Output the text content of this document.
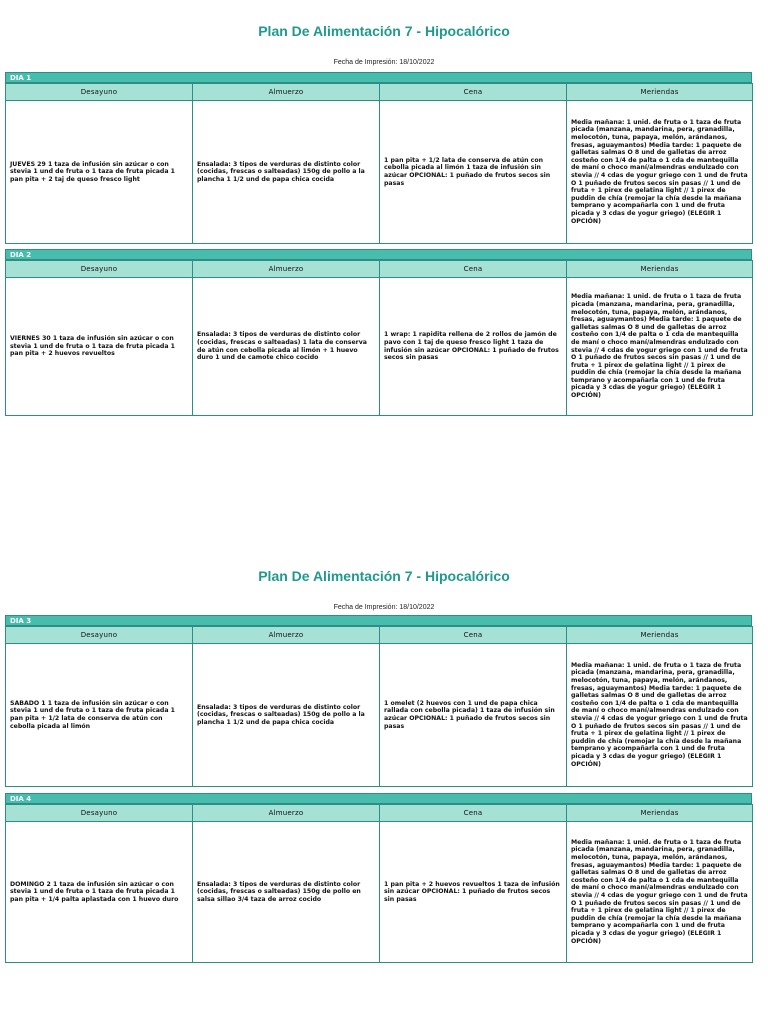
Plan De Alimentación 7 - Hipocalórico
Fecha de Impresión: 18/10/2022
DIA 1
Desayuno	Almuerzo	Cena	Meriendas
JUEVES 29 1 taza de infusión sin azúcar o con stevia 1 und de fruta o 1 taza de fruta picada 1 pan pita + 2 taj de queso fresco light	Ensalada: 3 tipos de verduras de distinto color (cocidas, frescas o salteadas) 150g de pollo a la plancha 1 1/2 und de papa chica cocida	1 pan pita + 1/2 lata de conserva de atún con cebolla picada al limón 1 taza de infusión sin azúcar OPCIONAL: 1 puñado de frutos secos sin pasas	Media mañana: 1 unid. de fruta o 1 taza de fruta picada (manzana, mandarina, pera, granadilla, melocotón, tuna, papaya, melón, arándanos, fresas, aguaymantos) Media tarde: 1 paquete de galletas salmas O 8 und de galletas de arroz costeño con 1/4 de palta o 1 cda de mantequilla de maní o choco maní/almendras endulzado con stevia // 4 cdas de yogur griego con 1 und de fruta O 1 puñado de frutos secos sin pasas // 1 und de fruta + 1 pirex de gelatina light // 1 pirex de puddin de chía (remojar la chía desde la mañana temprano y acompañarla con 1 und de fruta picada y 3 cdas de yogur griego) (ELEGIR 1 OPCIÓN)
DIA 2
Desayuno	Almuerzo	Cena	Meriendas
VIERNES 30 1 taza de infusión sin azúcar o con stevia 1 und de fruta o 1 taza de fruta picada 1 pan pita + 2 huevos revueltos	Ensalada: 3 tipos de verduras de distinto color (cocidas, frescas o salteadas) 1 lata de conserva de atún con cebolla picada al limón + 1 huevo duro 1 und de camote chico cocido	1 wrap: 1 rapidita rellena de 2 rollos de jamón de pavo con 1 taj de queso fresco light 1 taza de infusión sin azúcar OPCIONAL: 1 puñado de frutos secos sin pasas	Media mañana: 1 unid. de fruta o 1 taza de fruta picada (manzana, mandarina, pera, granadilla, melocotón, tuna, papaya, melón, arándanos, fresas, aguaymantos) Media tarde: 1 paquete de galletas salmas O 8 und de galletas de arroz costeño con 1/4 de palta o 1 cda de mantequilla de maní o choco maní/almendras endulzado con stevia // 4 cdas de yogur griego con 1 und de fruta O 1 puñado de frutos secos sin pasas // 1 und de fruta + 1 pirex de gelatina light // 1 pirex de puddin de chía (remojar la chía desde la mañana temprano y acompañarla con 1 und de fruta picada y 3 cdas de yogur griego) (ELEGIR 1 OPCIÓN)
Plan De Alimentación 7 - Hipocalórico
Fecha de Impresión: 18/10/2022
DIA 3
Desayuno	Almuerzo	Cena	Meriendas
SABADO 1 1 taza de infusión sin azúcar o con stevia 1 und de fruta o 1 taza de fruta picada 1 pan pita + 1/2 lata de conserva de atún con cebolla picada al limón	Ensalada: 3 tipos de verduras de distinto color (cocidas, frescas o salteadas) 150g de pollo a la plancha 1 1/2 und de papa chica cocida	1 omelet (2 huevos con 1 und de papa chica rallada con cebolla picada) 1 taza de infusión sin azúcar OPCIONAL: 1 puñado de frutos secos sin pasas	Media mañana: 1 unid. de fruta o 1 taza de fruta picada (manzana, mandarina, pera, granadilla, melocotón, tuna, papaya, melón, arándanos, fresas, aguaymantos) Media tarde: 1 paquete de galletas salmas O 8 und de galletas de arroz costeño con 1/4 de palta o 1 cda de mantequilla de maní o choco maní/almendras endulzado con stevia // 4 cdas de yogur griego con 1 und de fruta O 1 puñado de frutos secos sin pasas // 1 und de fruta + 1 pirex de gelatina light // 1 pirex de puddin de chía (remojar la chía desde la mañana temprano y acompañarla con 1 und de fruta picada y 3 cdas de yogur griego) (ELEGIR 1 OPCIÓN)
DIA 4
Desayuno	Almuerzo	Cena	Meriendas
DOMINGO 2 1 taza de infusión sin azúcar o con stevia 1 und de fruta o 1 taza de fruta picada 1 pan pita + 1/4 palta aplastada con 1 huevo duro	Ensalada: 3 tipos de verduras de distinto color (cocidas, frescas o salteadas) 150g de pollo en salsa sillao 3/4 taza de arroz cocido	1 pan pita + 2 huevos revueltos 1 taza de infusión sin azúcar OPCIONAL: 1 puñado de frutos secos sin pasas	Media mañana: 1 unid. de fruta o 1 taza de fruta picada (manzana, mandarina, pera, granadilla, melocotón, tuna, papaya, melón, arándanos, fresas, aguaymantos) Media tarde: 1 paquete de galletas salmas O 8 und de galletas de arroz costeño con 1/4 de palta o 1 cda de mantequilla de maní o choco maní/almendras endulzado con stevia // 4 cdas de yogur griego con 1 und de fruta O 1 puñado de frutos secos sin pasas // 1 und de fruta + 1 pirex de gelatina light // 1 pirex de puddin de chía (remojar la chía desde la mañana temprano y acompañarla con 1 und de fruta picada y 3 cdas de yogur griego) (ELEGIR 1 OPCIÓN)
